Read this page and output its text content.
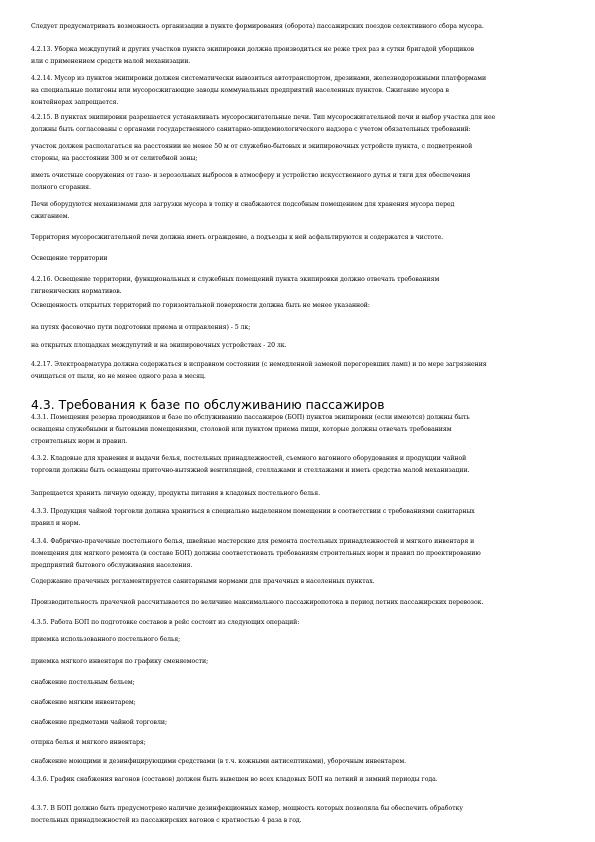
Следует предусматривать возможность организации в пункте формирования (оборота) пассажирских поездов селективного сбора мусора.
4.2.13. Уборка междупутий и других участков пункта экипировки должна производиться не реже трех раз в сутки бригадой уборщиков
или с применением средств малой механизации.
4.2.14. Мусор из пунктов экипировки должен систематически вывозиться автотранспортом, дрезинами, железнодорожными платформами
на специальные полигоны или мусоросжигающие заводы коммунальных предприятий населенных пунктов. Сжигание мусора в
контейнерах запрещается.
4.2.15. В пунктах экипировки разрешается устанавливать мусоросжигательные печи. Тип мусоросжигательной печи и выбор участка для нее
должны быть согласованы с органами государственного санитарно-эпидемиологического надзора с учетом обязательных требований:
участок должен располагаться на расстоянии не менее 50 м от служебно-бытовых и экипировочных устройств пункта, с подветренной
стороны, на расстоянии 300 м от селитебной зоны;
иметь очистные сооружения от газо- и зерозольных выбросов в атмосферу и устройство искусственного дутья и тяги для обеспечения
полного сгорания.
Печи оборудуются механизмами для загрузки мусора в топку и снабжаются подсобным помещением для хранения мусора перед
сжиганием.
Территория мусоросжигательной печи должна иметь ограждение, а подъезды к ней асфальтируются и содержатся в чистоте.
Освещение территории
4.2.16. Освещение территории, функциональных и служебных помещений пункта экипировки должно отвечать требованиям
гигиенических нормативов.
Освещенность открытых территорий по горизонтальной поверхности должна быть не менее указанной:
на путях фасовочно пути подготовки приема и отправления) - 5 лк;
на открытых площадках междупутий и на экипировочных устройствах - 20 лк.
4.2.17. Электроарматура должна содержаться в исправном состоянии (с немедленной заменой перегоревших ламп) и по мере загрязнения
очищаться от пыли, но не менее одного раза в месяц.
4.3. Требования к базе по обслуживанию пассажиров
4.3.1. Помещения резерва проводников и базе по обслуживанию пассажиров (БОП) пунктов экипировки (если имеются) должны быть
оснащены служебными и бытовыми помещениями, столовой или пунктом приема пищи, которые должны отвечать требованиям
строительных норм и правил.
4.3.2. Кладовые для хранения и выдачи белья, постельных принадлежностей, съемного вагонного оборудования и продукции чайной
торговли должны быть оснащены приточно-вытяжной вентиляцией, стеллажами и стеллажами и иметь средства малой механизации.
Запрещается хранить личную одежду, продукты питания в кладовых постельного белья.
4.3.3. Продукция чайной торговли должна храниться в специально выделенном помещении в соответствии с требованиями санитарных
правил и норм.
4.3.4. Фабрично-прачечные постельного белья, швейные мастерские для ремонта постельных принадлежностей и мягкого инвентаря и
помещения для мягкого ремонта (в составе БОП) должны соответствовать требованиям строительных норм и правил по проектированию
предприятий бытового обслуживания населения.
Содержание прачечных регламентируется санитарными нормами для прачечных в населенных пунктах.
Производительность прачечной рассчитывается по величине максимального пассажиропотока в период летних пассажирских перевозок.
4.3.5. Работа БОП по подготовке составов в рейс состоит из следующих операций:
приемка использованного постельного белья;
приемка мягкого инвентаря по графику сменяемости;
снабжение постельным бельем;
снабжение мягким инвентарем;
снабжение предметами чайной торговли;
отпрка белья и мягкого инвентаря;
снабжение моющими и дезинфицирующими средствами (в т.ч. кожными антисептиками), уборочным инвентарем.
4.3.6. График снабжения вагонов (составов) должен быть вывешен во всех кладовых БОП на летний и зимний периоды года.
4.3.7. В БОП должно быть предусмотрено наличие дезинфекционных камер, мощность которых позволяла бы обеспечить обработку
постельных принадлежностей из пассажирских вагонов с кратностью 4 раза в год.
